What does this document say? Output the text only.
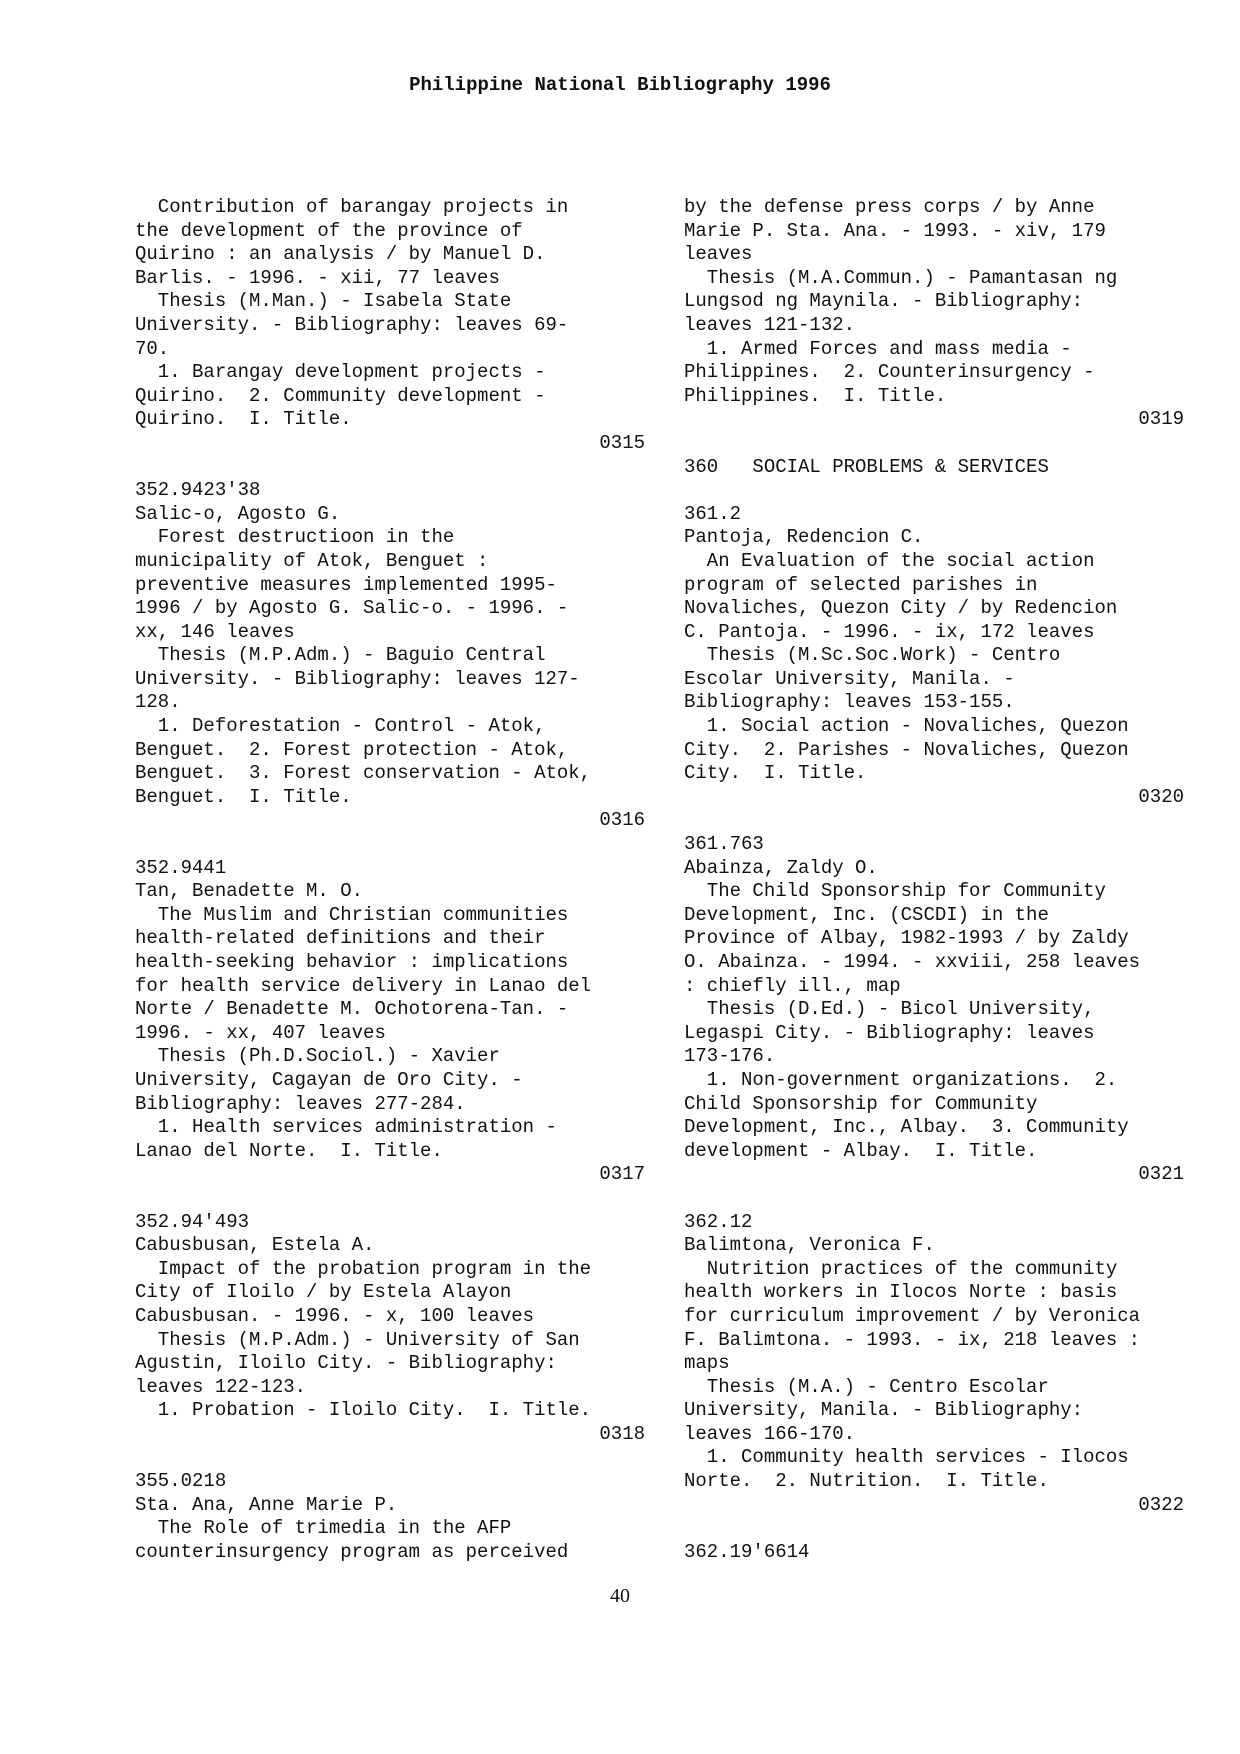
Philippine National Bibliography 1996
Contribution of barangay projects in
the development of the province of
Quirino : an analysis / by Manuel D.
Barlis. - 1996. - xii, 77 leaves
Thesis (M.Man.) - Isabela State
University. - Bibliography: leaves 69-
70.
1. Barangay development projects -
Quirino.  2. Community development -
Quirino.  I. Title.
0315
352.9423'38
Salic-o, Agosto G.
Forest destructioon in the
municipality of Atok, Benguet :
preventive measures implemented 1995-
1996 / by Agosto G. Salic-o. - 1996. -
xx, 146 leaves
Thesis (M.P.Adm.) - Baguio Central
University. - Bibliography: leaves 127-
128.
1. Deforestation - Control - Atok,
Benguet.  2. Forest protection - Atok,
Benguet.  3. Forest conservation - Atok,
Benguet.  I. Title.
0316
352.9441
Tan, Benadette M. O.
The Muslim and Christian communities
health-related definitions and their
health-seeking behavior : implications
for health service delivery in Lanao del
Norte / Benadette M. Ochotorena-Tan. -
1996. - xx, 407 leaves
Thesis (Ph.D.Sociol.) - Xavier
University, Cagayan de Oro City. -
Bibliography: leaves 277-284.
1. Health services administration -
Lanao del Norte.  I. Title.
0317
352.94'493
Cabusbusan, Estela A.
Impact of the probation program in the
City of Iloilo / by Estela Alayon
Cabusbusan. - 1996. - x, 100 leaves
Thesis (M.P.Adm.) - University of San
Agustin, Iloilo City. - Bibliography:
leaves 122-123.
1. Probation - Iloilo City.  I. Title.
0318
355.0218
Sta. Ana, Anne Marie P.
The Role of trimedia in the AFP
counterinsurgency program as perceived
by the defense press corps / by Anne
Marie P. Sta. Ana. - 1993. - xiv, 179
leaves
Thesis (M.A.Commun.) - Pamantasan ng
Lungsod ng Maynila. - Bibliography:
leaves 121-132.
1. Armed Forces and mass media -
Philippines.  2. Counterinsurgency -
Philippines.  I. Title.
0319
360   SOCIAL PROBLEMS & SERVICES
361.2
Pantoja, Redencion C.
An Evaluation of the social action
program of selected parishes in
Novaliches, Quezon City / by Redencion
C. Pantoja. - 1996. - ix, 172 leaves
Thesis (M.Sc.Soc.Work) - Centro
Escolar University, Manila. -
Bibliography: leaves 153-155.
1. Social action - Novaliches, Quezon
City.  2. Parishes - Novaliches, Quezon
City.  I. Title.
0320
361.763
Abainza, Zaldy O.
The Child Sponsorship for Community
Development, Inc. (CSCDI) in the
Province of Albay, 1982-1993 / by Zaldy
O. Abainza. - 1994. - xxviii, 258 leaves
: chiefly ill., map
Thesis (D.Ed.) - Bicol University,
Legaspi City. - Bibliography: leaves
173-176.
1. Non-government organizations.  2.
Child Sponsorship for Community
Development, Inc., Albay.  3. Community
development - Albay.  I. Title.
0321
362.12
Balimtona, Veronica F.
Nutrition practices of the community
health workers in Ilocos Norte : basis
for curriculum improvement / by Veronica
F. Balimtona. - 1993. - ix, 218 leaves :
maps
Thesis (M.A.) - Centro Escolar
University, Manila. - Bibliography:
leaves 166-170.
1. Community health services - Ilocos
Norte.  2. Nutrition.  I. Title.
0322
362.19'6614
40
